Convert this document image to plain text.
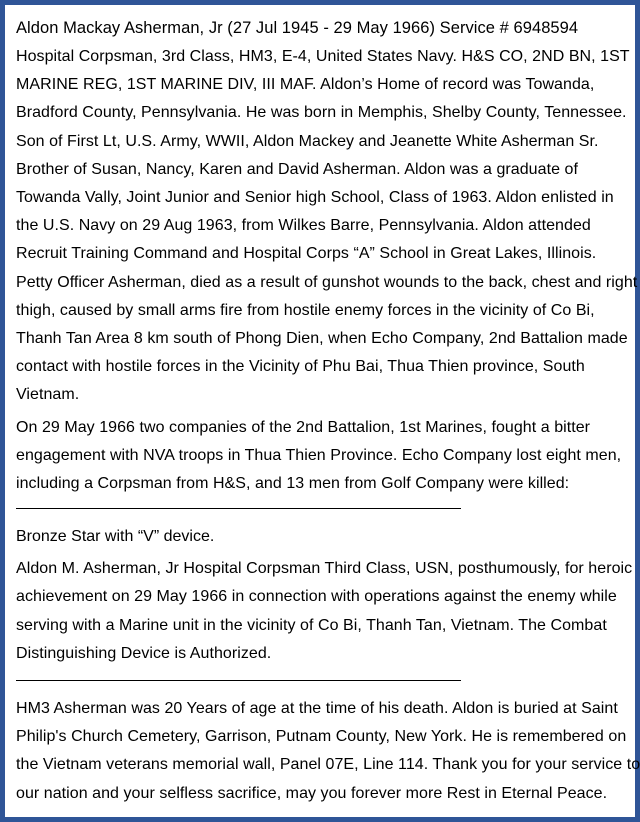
Aldon Mackay Asherman, Jr (27 Jul 1945 - 29 May 1966) Service # 6948594
Hospital Corpsman, 3rd Class, HM3, E-4, United States Navy. H&S CO, 2ND BN, 1ST
MARINE REG, 1ST MARINE DIV, III MAF. Aldon’s Home of record was Towanda,
Bradford County, Pennsylvania. He was born in Memphis, Shelby County, Tennessee.
Son of First Lt, U.S. Army, WWII, Aldon Mackey and Jeanette White Asherman Sr.
Brother of Susan, Nancy, Karen and David Asherman. Aldon was a graduate of
Towanda Vally, Joint Junior and Senior high School, Class of 1963. Aldon enlisted in
the U.S. Navy on 29 Aug 1963, from Wilkes Barre, Pennsylvania. Aldon attended
Recruit Training Command and Hospital Corps “A” School in Great Lakes, Illinois.
Petty Officer Asherman, died as a result of gunshot wounds to the back, chest and right
thigh, caused by small arms fire from hostile enemy forces in the vicinity of Co Bi,
Thanh Tan Area 8 km south of Phong Dien, when Echo Company, 2nd Battalion made
contact with hostile forces in the Vicinity of Phu Bai, Thua Thien province, South
Vietnam.
On 29 May 1966 two companies of the 2nd Battalion, 1st Marines, fought a bitter
engagement with NVA troops in Thua Thien Province. Echo Company lost eight men,
including a Corpsman from H&S, and 13 men from Golf Company were killed:
Bronze Star with “V” device.
Aldon M. Asherman, Jr Hospital Corpsman Third Class, USN, posthumously, for heroic
achievement on 29 May 1966 in connection with operations against the enemy while
serving with a Marine unit in the vicinity of Co Bi, Thanh Tan, Vietnam. The Combat
Distinguishing Device is Authorized.
HM3 Asherman was 20 Years of age at the time of his death. Aldon is buried at Saint
Philip's Church Cemetery, Garrison, Putnam County, New York. He is remembered on
the Vietnam veterans memorial wall, Panel 07E, Line 114. Thank you for your service to
our nation and your selfless sacrifice, may you forever more Rest in Eternal Peace.
